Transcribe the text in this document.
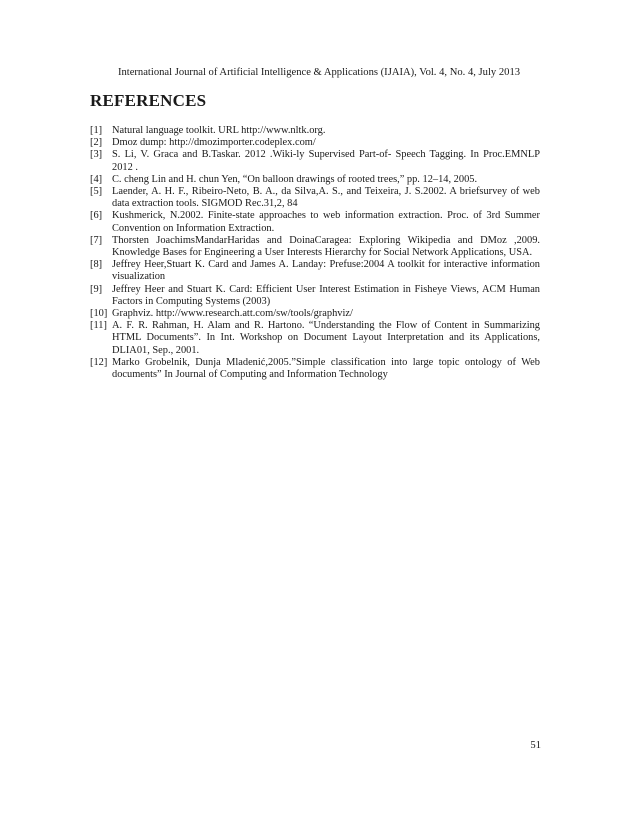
International Journal of Artificial Intelligence & Applications (IJAIA), Vol. 4, No. 4, July 2013
REFERENCES
[1] Natural language toolkit. URL http://www.nltk.org.
[2] Dmoz dump: http://dmozimporter.codeplex.com/
[3] S. Li, V. Graca and B.Taskar. 2012 .Wiki-ly Supervised Part-of- Speech Tagging. In Proc.EMNLP 2012 .
[4] C. cheng Lin and H. chun Yen, “On balloon drawings of rooted trees,” pp. 12–14, 2005.
[5] Laender, A. H. F., Ribeiro-Neto, B. A., da Silva,A. S., and Teixeira, J. S.2002. A briefsurvey of web data extraction tools. SIGMOD Rec.31,2, 84
[6] Kushmerick, N.2002. Finite-state approaches to web information extraction. Proc. of 3rd Summer Convention on Information Extraction.
[7] Thorsten JoachimsMandarHaridas and DoinaCaragea: Exploring Wikipedia and DMoz ,2009. Knowledge Bases for Engineering a User Interests Hierarchy for Social Network Applications, USA.
[8] Jeffrey Heer,Stuart K. Card and James A. Landay: Prefuse:2004 A toolkit for interactive information visualization
[9] Jeffrey Heer and Stuart K. Card: Efficient User Interest Estimation in Fisheye Views, ACM Human Factors in Computing Systems (2003)
[10] Graphviz. http://www.research.att.com/sw/tools/graphviz/
[11] A. F. R. Rahman, H. Alam and R. Hartono. “Understanding the Flow of Content in Summarizing HTML Documents”. In Int. Workshop on Document Layout Interpretation and its Applications, DLIA01, Sep., 2001.
[12] Marko Grobelnik, Dunja Mladenić,2005.”Simple classification into large topic ontology of Web documents” In Journal of Computing and Information Technology
51
